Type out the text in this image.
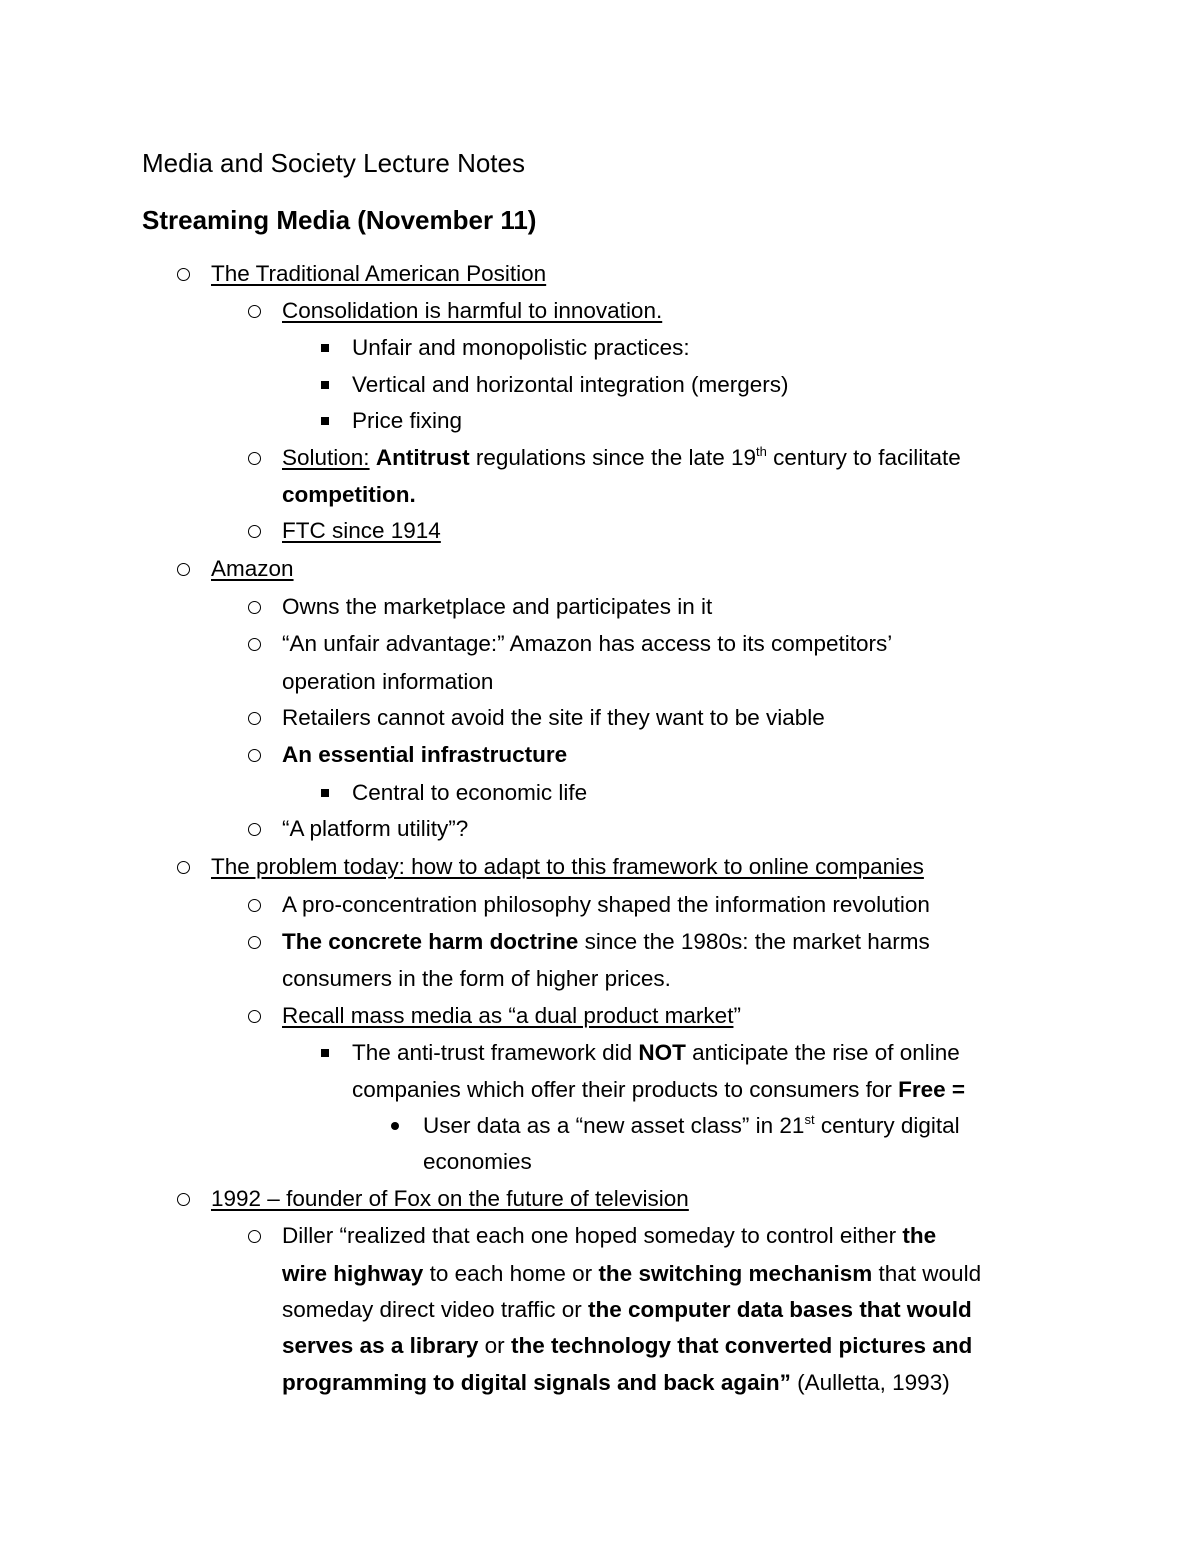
Media and Society Lecture Notes
Streaming Media (November 11)
The Traditional American Position
Consolidation is harmful to innovation.
Unfair and monopolistic practices:
Vertical and horizontal integration (mergers)
Price fixing
Solution: Antitrust regulations since the late 19th century to facilitate
competition.
FTC since 1914
Amazon
Owns the marketplace and participates in it
“An unfair advantage:” Amazon has access to its competitors’
operation information
Retailers cannot avoid the site if they want to be viable
An essential infrastructure
Central to economic life
“A platform utility”?
The problem today: how to adapt to this framework to online companies
A pro-concentration philosophy shaped the information revolution
The concrete harm doctrine since the 1980s: the market harms
consumers in the form of higher prices.
Recall mass media as “a dual product market”
The anti-trust framework did NOT anticipate the rise of online
companies which offer their products to consumers for Free =
User data as a “new asset class” in 21st century digital
economies
1992 – founder of Fox on the future of television
Diller “realized that each one hoped someday to control either the
wire highway to each home or the switching mechanism that would
someday direct video traffic or the computer data bases that would
serves as a library or the technology that converted pictures and
programming to digital signals and back again” (Aulletta, 1993)
